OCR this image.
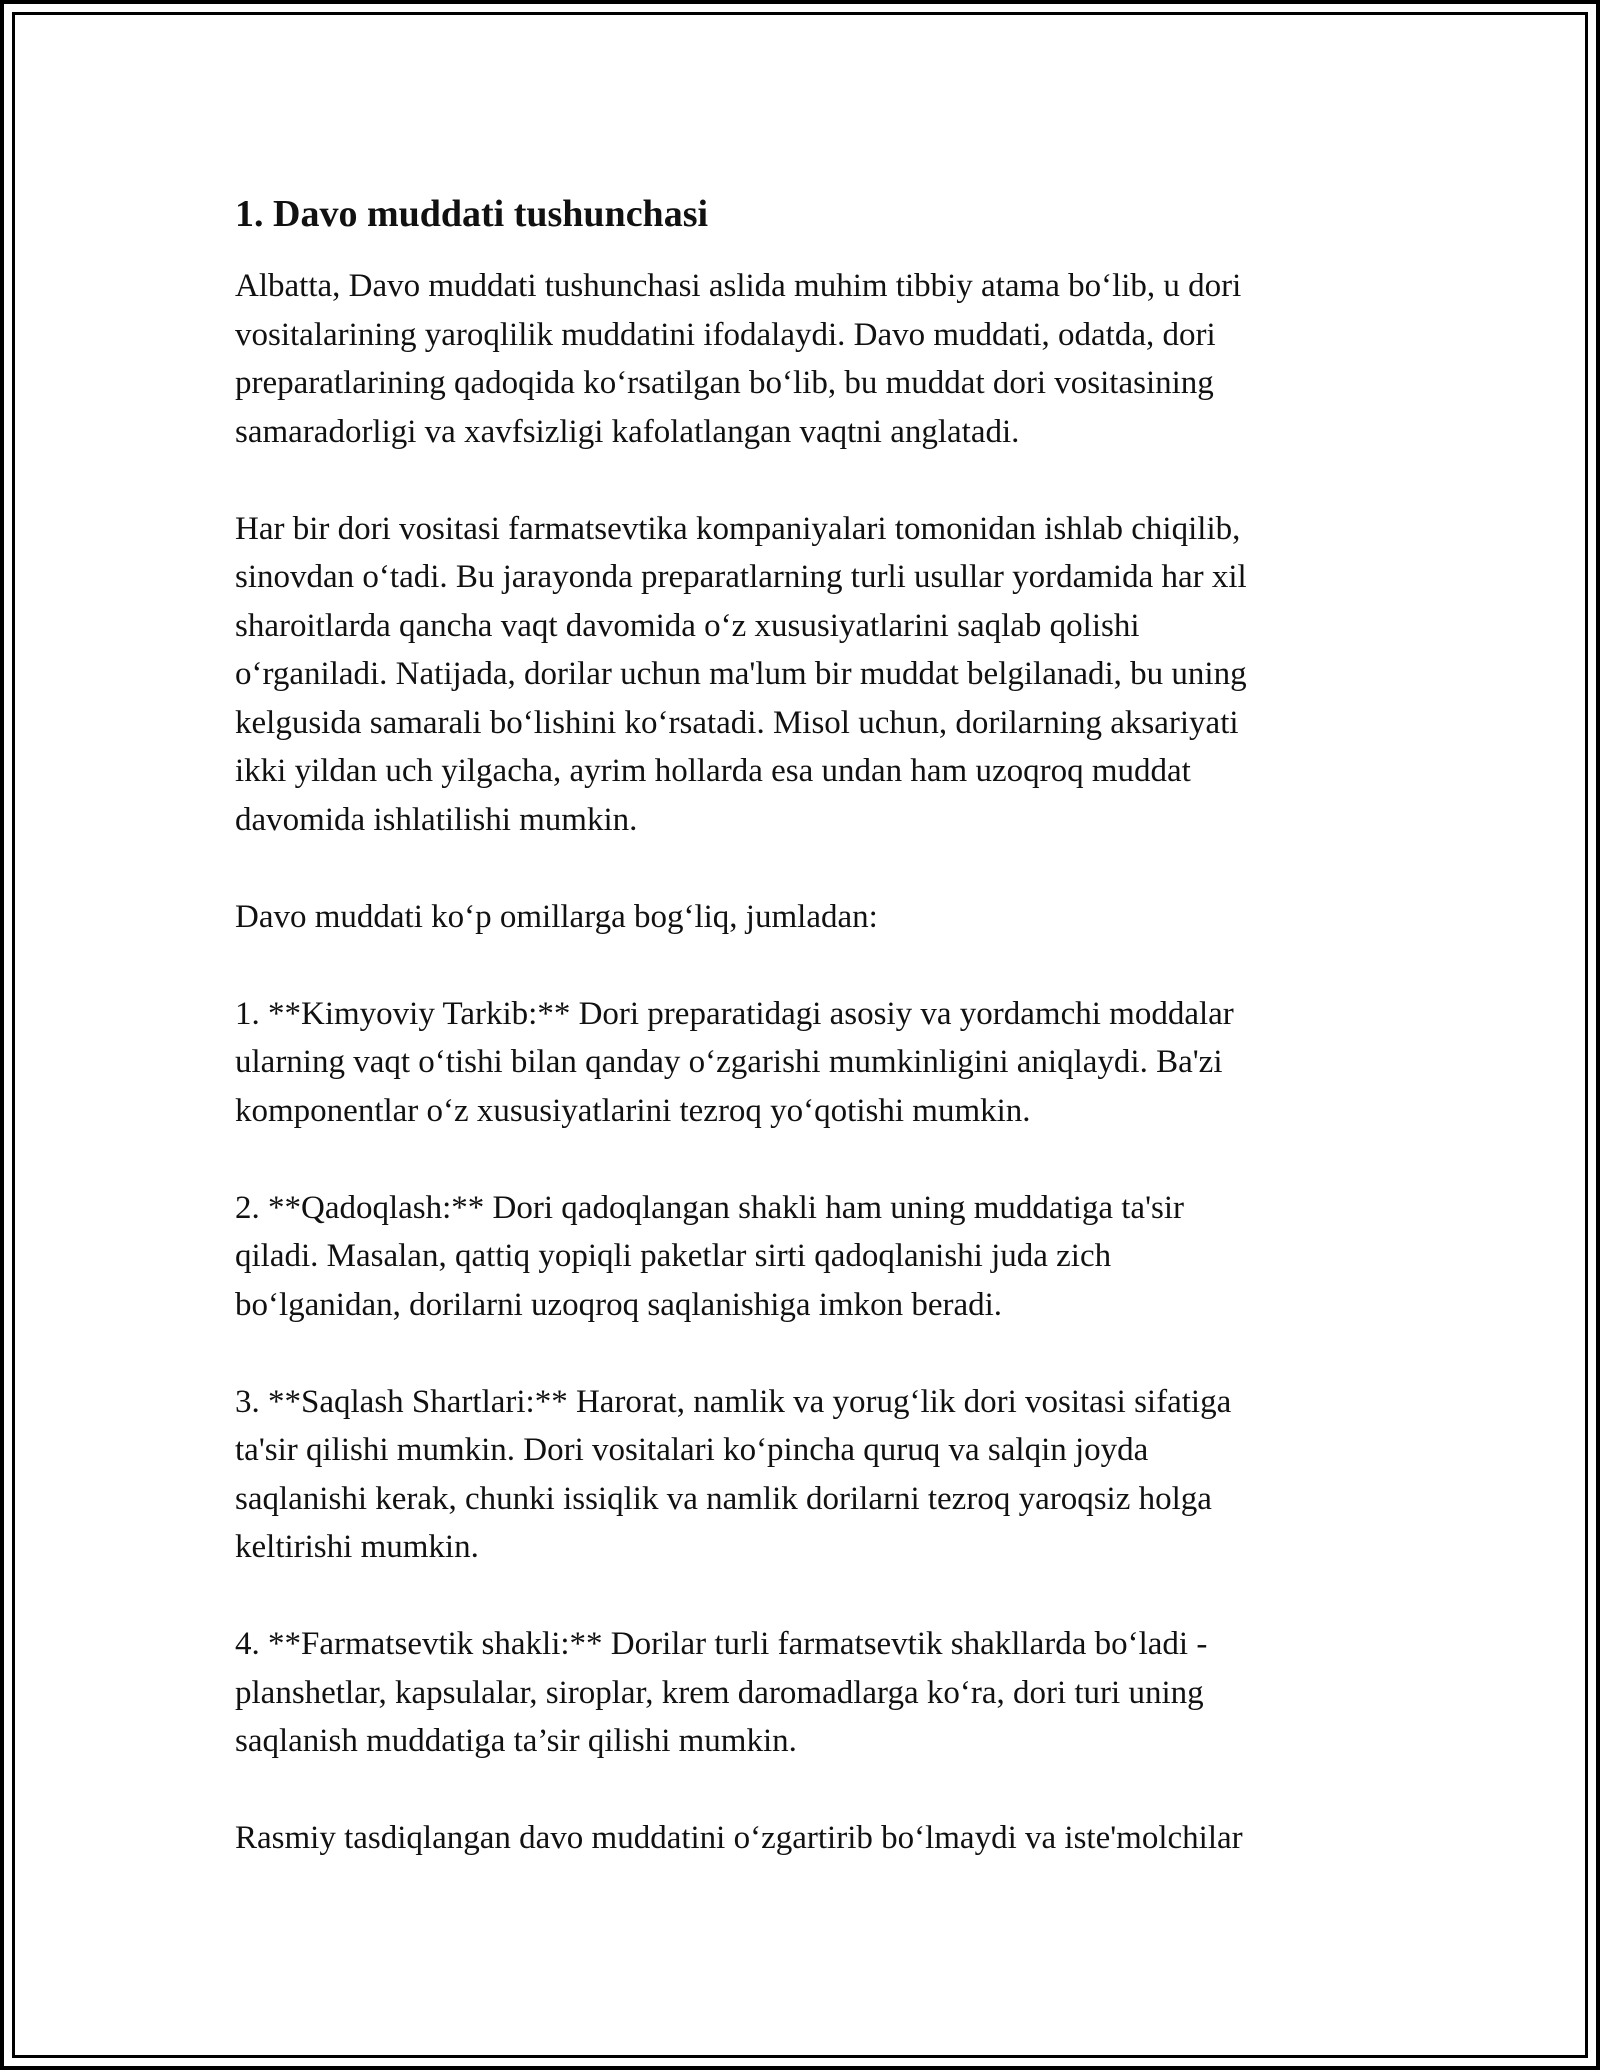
1. Davo muddati tushunchasi

Albatta, Davo muddati tushunchasi aslida muhim tibbiy atama bo‘lib, u dori
vositalarining yaroqlilik muddatini ifodalaydi. Davo muddati, odatda, dori
preparatlarining qadoqida ko‘rsatilgan bo‘lib, bu muddat dori vositasining
samaradorligi va xavfsizligi kafolatlangan vaqtni anglatadi.

Har bir dori vositasi farmatsevtika kompaniyalari tomonidan ishlab chiqilib,
sinovdan o‘tadi. Bu jarayonda preparatlarning turli usullar yordamida har xil
sharoitlarda qancha vaqt davomida o‘z xususiyatlarini saqlab qolishi
o‘rganiladi. Natijada, dorilar uchun ma'lum bir muddat belgilanadi, bu uning
kelgusida samarali bo‘lishini ko‘rsatadi. Misol uchun, dorilarning aksariyati
ikki yildan uch yilgacha, ayrim hollarda esa undan ham uzoqroq muddat
davomida ishlatilishi mumkin.

Davo muddati ko‘p omillarga bog‘liq, jumladan:

1. **Kimyoviy Tarkib:** Dori preparatidagi asosiy va yordamchi moddalar
ularning vaqt o‘tishi bilan qanday o‘zgarishi mumkinligini aniqlaydi. Ba'zi
komponentlar o‘z xususiyatlarini tezroq yo‘qotishi mumkin.

2. **Qadoqlash:** Dori qadoqlangan shakli ham uning muddatiga ta'sir
qiladi. Masalan, qattiq yopiqli paketlar sirti qadoqlanishi juda zich
bo‘lganidan, dorilarni uzoqroq saqlanishiga imkon beradi.

3. **Saqlash Shartlari:** Harorat, namlik va yorug‘lik dori vositasi sifatiga
ta'sir qilishi mumkin. Dori vositalari ko‘pincha quruq va salqin joyda
saqlanishi kerak, chunki issiqlik va namlik dorilarni tezroq yaroqsiz holga
keltirishi mumkin.

4. **Farmatsevtik shakli:** Dorilar turli farmatsevtik shakllarda bo‘ladi -
planshetlar, kapsulalar, siroplar, krem daromadlarga ko‘ra, dori turi uning
saqlanish muddatiga ta’sir qilishi mumkin.

Rasmiy tasdiqlangan davo muddatini o‘zgartirib bo‘lmaydi va iste'molchilar
